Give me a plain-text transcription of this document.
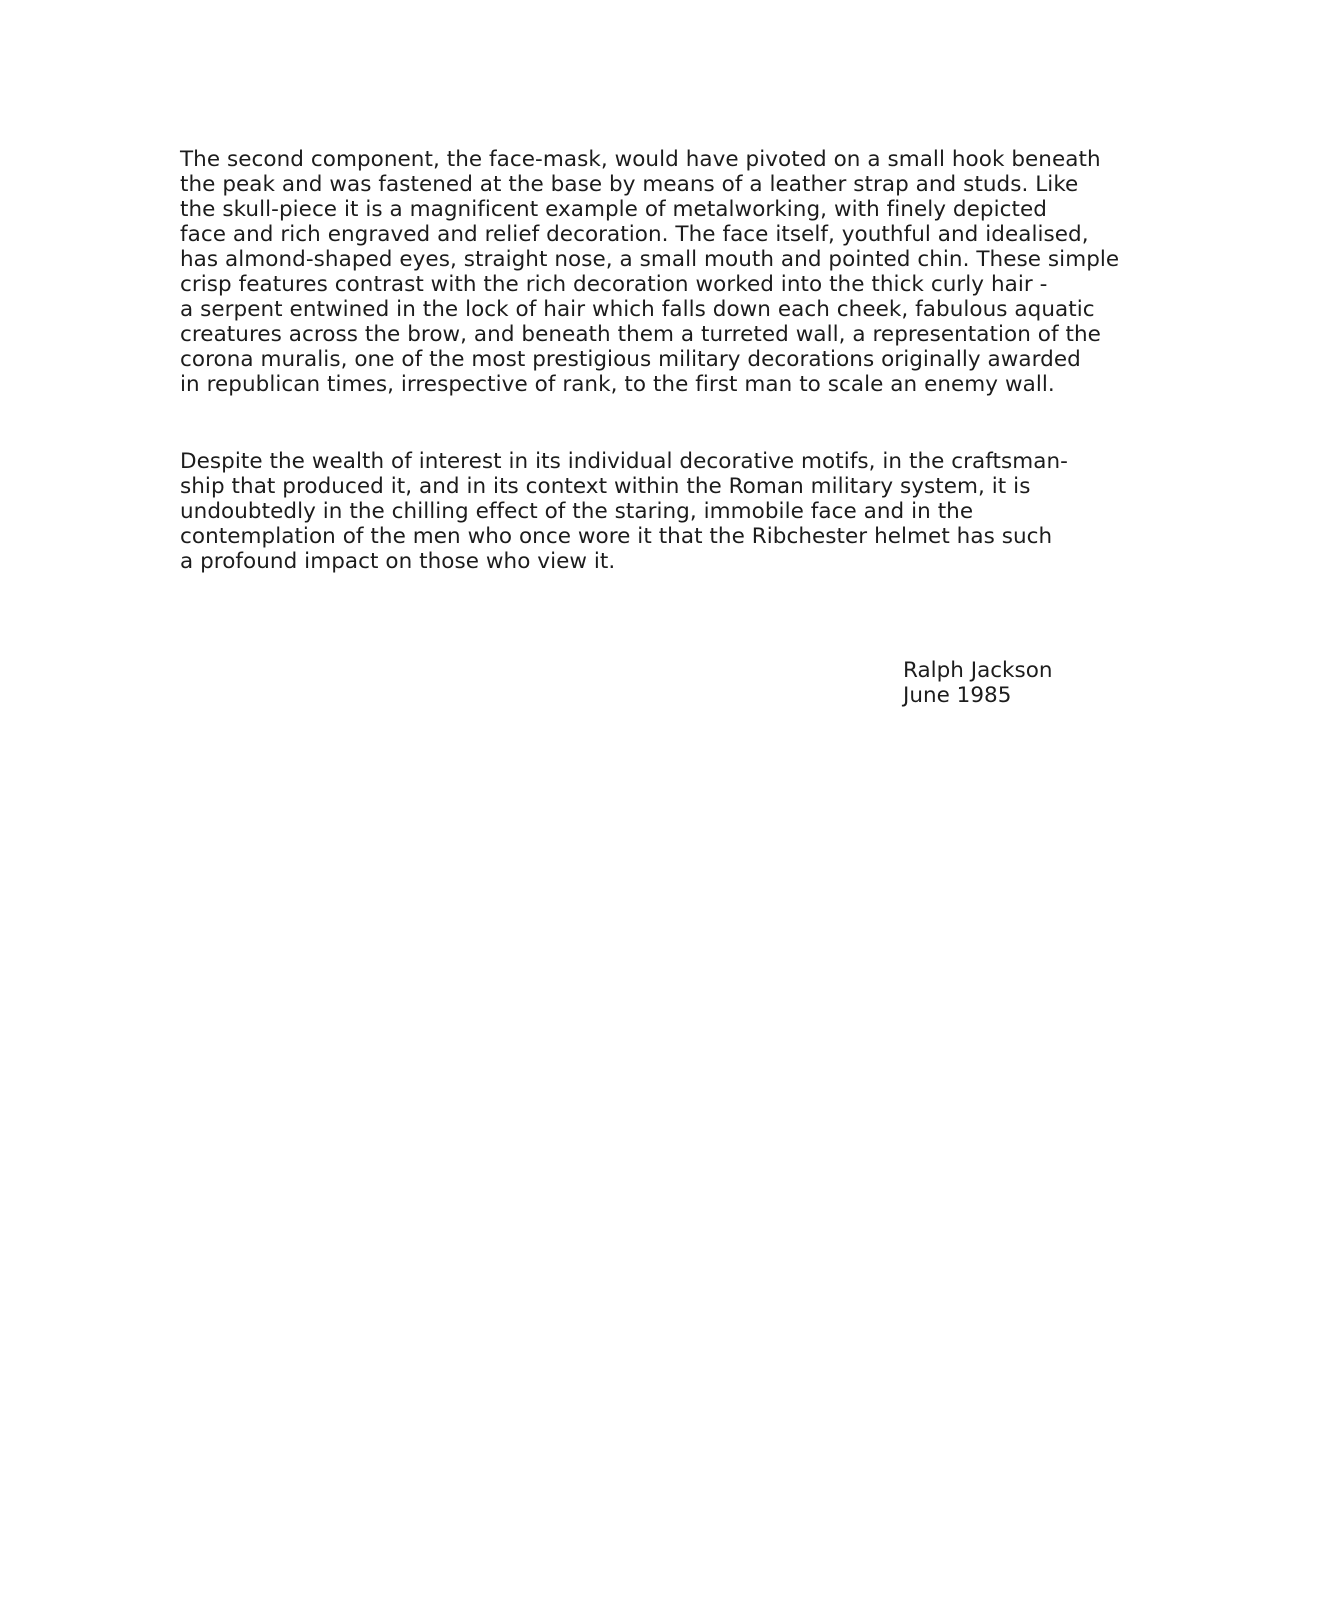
The second component, the face-mask, would have pivoted on a small hook beneath
the peak and was fastened at the base by means of a leather strap and studs. Like
the skull-piece it is a magnificent example of metalworking, with finely depicted
face and rich engraved and relief decoration. The face itself, youthful and idealised,
has almond-shaped eyes, straight nose, a small mouth and pointed chin. These simple
crisp features contrast with the rich decoration worked into the thick curly hair -
a serpent entwined in the lock of hair which falls down each cheek, fabulous aquatic
creatures across the brow, and beneath them a turreted wall, a representation of the
corona muralis, one of the most prestigious military decorations originally awarded
in republican times, irrespective of rank, to the first man to scale an enemy wall.
Despite the wealth of interest in its individual decorative motifs, in the craftsman-
ship that produced it, and in its context within the Roman military system, it is
undoubtedly in the chilling effect of the staring, immobile face and in the
contemplation of the men who once wore it that the Ribchester helmet has such
a profound impact on those who view it.
Ralph Jackson
June 1985
